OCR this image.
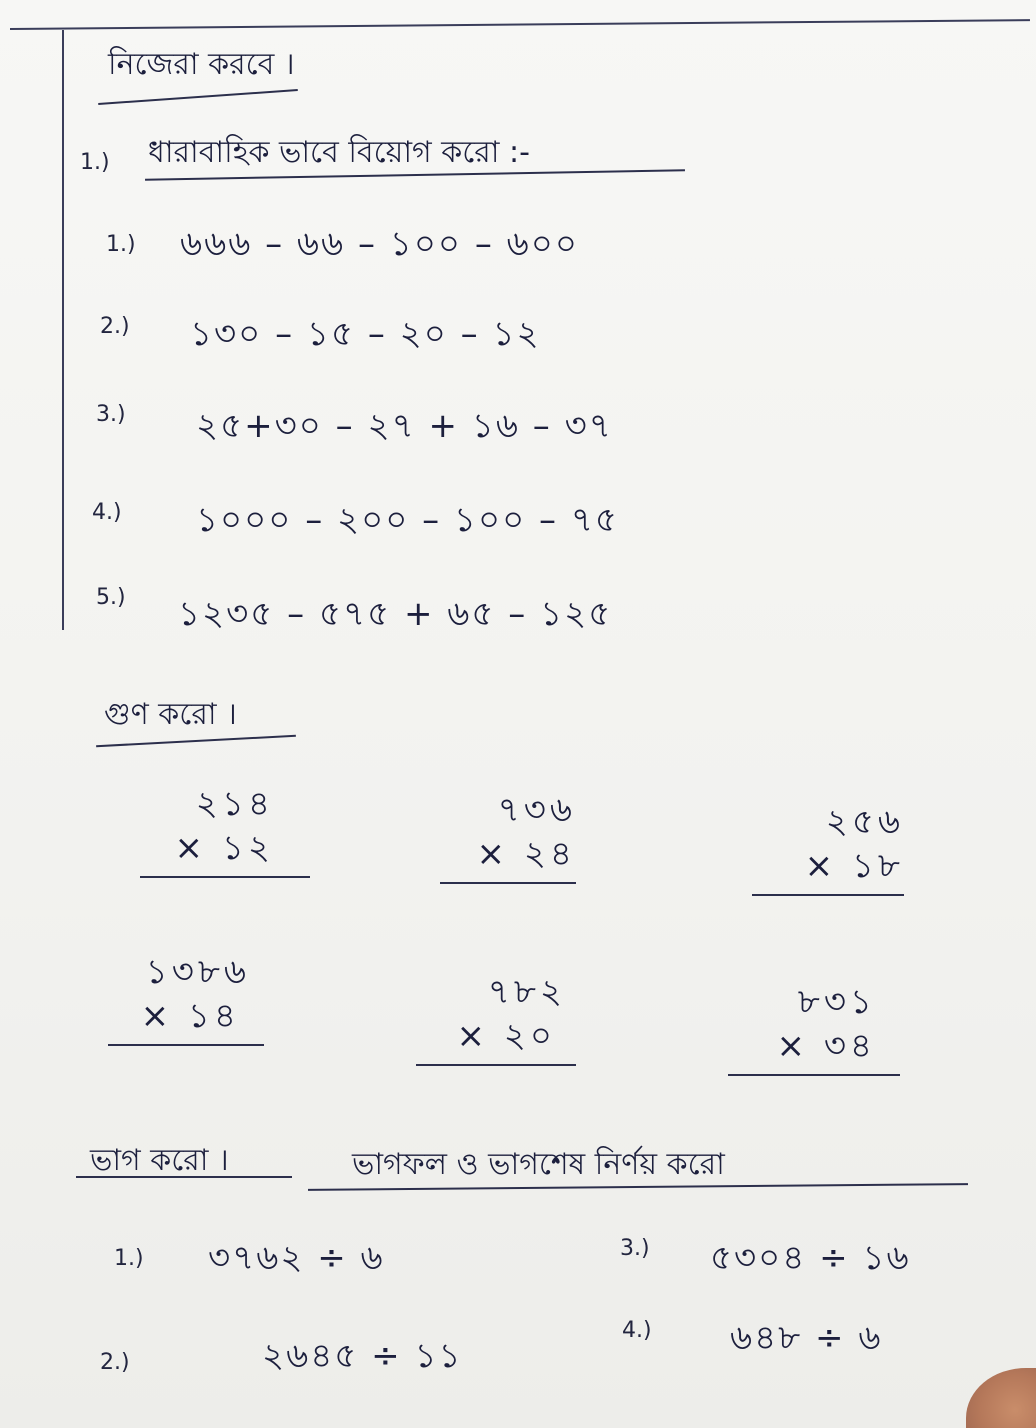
নিজেরা করবে ।
1.) ধারাবাহিক ভাবে বিয়োগ করো :-
1.) ৬৬৬ – ৬৬ – ১০০ – ৬০০
2.) ১৩০ – ১৫ – ২০ – ১২
3.) ২৫+৩০ – ২৭ + ১৬ – ৩৭
4.) ১০০০ – ২০০ – ১০০ – ৭৫
5.) ১২৩৫ – ৫৭৫ + ৬৫ – ১২৫
গুণ করো ।
২১৪
× ১২
৭৩৬
× ২৪
২৫৬
× ১৮
১৩৮৬
× ১৪
৭৮২
× ২০
৮৩১
× ৩৪
ভাগ করো ।	ভাগফল ও ভাগশেষ নির্ণয় করো
1.) ৩৭৬২ ÷ ৬	3.) ৫৩০৪ ÷ ১৬
2.)	২৬৪৫ ÷ ১১
4.) ৬৪৮ ÷ ৬
